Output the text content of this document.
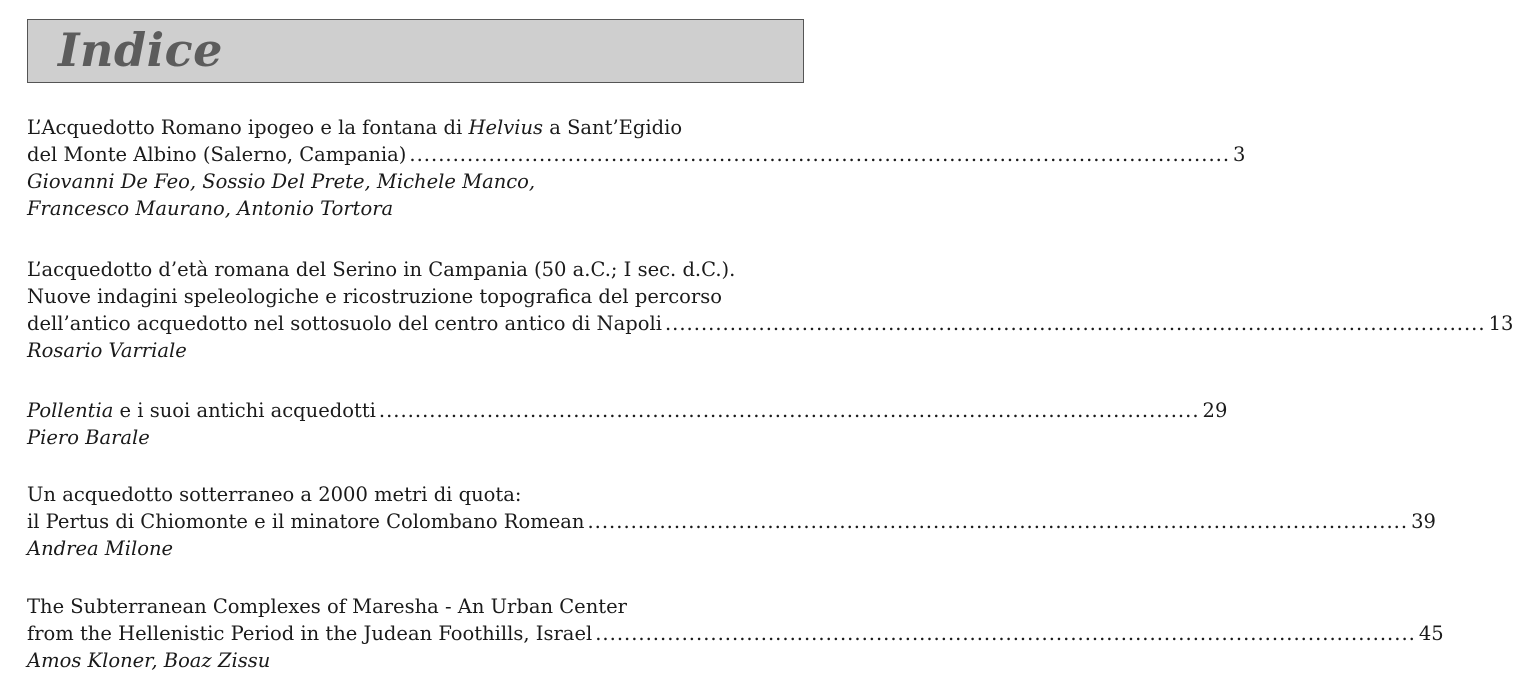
Indice
L’Acquedotto Romano ipogeo e la fontana di Helvius a Sant’Egidio
del Monte Albino (Salerno, Campania) .................................................................................................................. 3
Giovanni De Feo, Sossio Del Prete, Michele Manco,
Francesco Maurano, Antonio Tortora
L’acquedotto d’età romana del Serino in Campania (50 a.C.; I sec. d.C.).
Nuove indagini speleologiche e ricostruzione topografica del percorso
dell’antico acquedotto nel sottosuolo del centro antico di Napoli .................................................................................................................. 13
Rosario Varriale
Pollentia e i suoi antichi acquedotti .................................................................................................................. 29
Piero Barale
Un acquedotto sotterraneo a 2000 metri di quota:
il Pertus di Chiomonte e il minatore Colombano Romean .................................................................................................................. 39
Andrea Milone
The Subterranean Complexes of Maresha - An Urban Center
from the Hellenistic Period in the Judean Foothills, Israel .................................................................................................................. 45
Amos Kloner, Boaz Zissu
